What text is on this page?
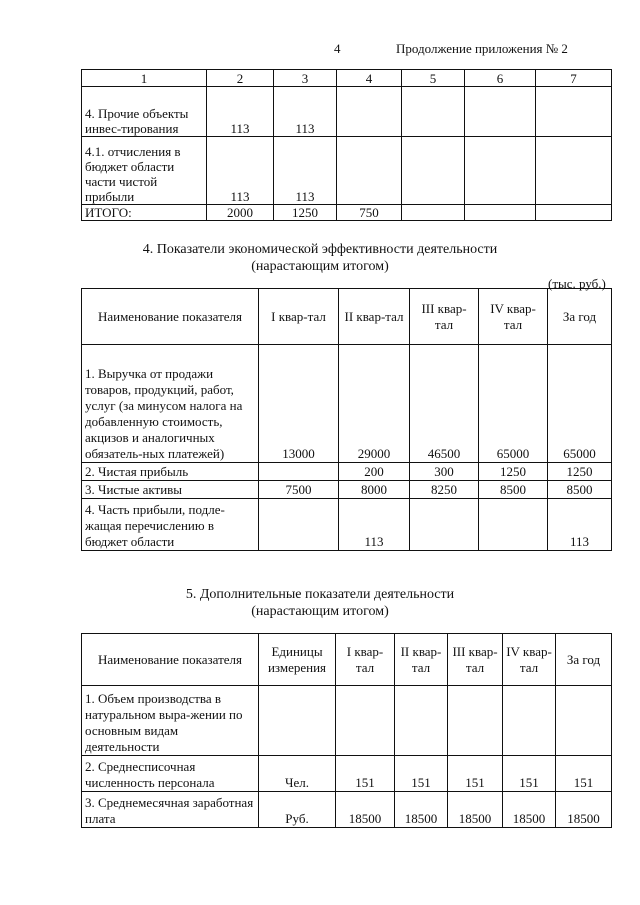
4	Продолжение приложения № 2
1	2	3	4	5	6	7
4. Прочие объекты инвес-тирования	113	113				
4.1. отчисления в бюджет области части чистой прибыли	113	113				
ИТОГО:	2000	1250	750			
4. Показатели экономической эффективности деятельности
(нарастающим итогом)
(тыс. руб.)
Наименование показателя	I квар-тал	II квар-тал	III квар-тал	IV квар-тал	За год
1. Выручка от продажи товаров, продукций, работ, услуг (за минусом налога на добавленную стоимость, акцизов и аналогичных обязатель-ных платежей)	13000	29000	46500	65000	65000
2. Чистая прибыль		200	300	1250	1250
3. Чистые активы	7500	8000	8250	8500	8500
4. Часть прибыли, подле-жащая перечислению в бюджет области		113			113
5. Дополнительные показатели деятельности
(нарастающим итогом)
Наименование показателя	Единицы измерения	I квар-тал	II квар-тал	III квар-тал	IV квар-тал	За год
1. Объем производства в натуральном выра-жении по основным видам деятельности						
2. Среднесписочная численность персонала	Чел.	151	151	151	151	151
3. Среднемесячная заработная плата	Руб.	18500	18500	18500	18500	18500
